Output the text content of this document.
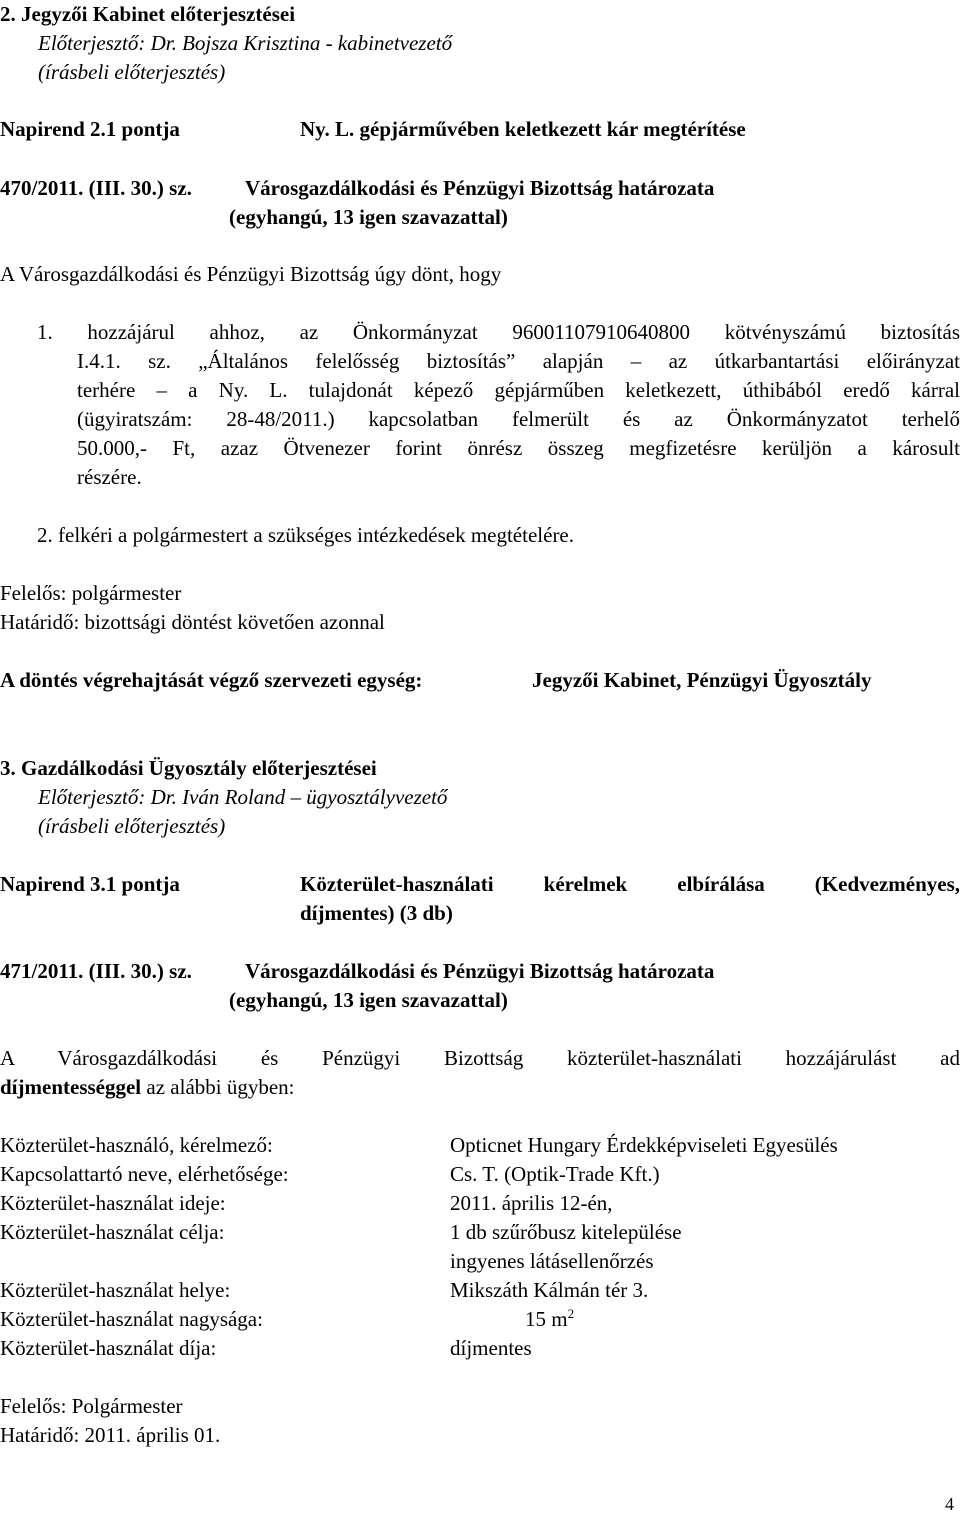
2. Jegyzői Kabinet előterjesztései
Előterjesztő: Dr. Bojsza Krisztina - kabinetvezető
(írásbeli előterjesztés)
Napirend 2.1 pontja	Ny. L. gépjárművében keletkezett kár megtérítése
470/2011. (III. 30.) sz.	Városgazdálkodási és Pénzügyi Bizottság határozata
(egyhangú, 13 igen szavazattal)
A Városgazdálkodási és Pénzügyi Bizottság úgy dönt, hogy
1. hozzájárul ahhoz, az Önkormányzat 96001107910640800 kötvényszámú biztosítás
I.4.1. sz. „Általános felelősség biztosítás” alapján – az útkarbantartási előirányzat
terhére – a Ny. L. tulajdonát képező gépjárműben keletkezett, úthibából eredő kárral
(ügyiratszám: 28-48/2011.) kapcsolatban felmerült és az Önkormányzatot terhelő
50.000,- Ft, azaz Ötvenezer forint önrész összeg megfizetésre kerüljön a károsult
részére.
2. felkéri a polgármestert a szükséges intézkedések megtételére.
Felelős: polgármester
Határidő: bizottsági döntést követően azonnal
A döntés végrehajtását végző szervezeti egység:	Jegyzői Kabinet, Pénzügyi Ügyosztály
3. Gazdálkodási Ügyosztály előterjesztései
Előterjesztő: Dr. Iván Roland – ügyosztályvezető
(írásbeli előterjesztés)
Napirend 3.1 pontja	Közterület-használati kérelmek elbírálása (Kedvezményes,
díjmentes) (3 db)
471/2011. (III. 30.) sz.	Városgazdálkodási és Pénzügyi Bizottság határozata
(egyhangú, 13 igen szavazattal)
A Városgazdálkodási és Pénzügyi Bizottság közterület-használati hozzájárulást ad
díjmentességgel az alábbi ügyben:
Közterület-használó, kérelmező:	Opticnet Hungary Érdekképviseleti Egyesülés
Kapcsolattartó neve, elérhetősége:	Cs. T. (Optik-Trade Kft.)
Közterület-használat ideje:	2011. április 12-én,
Közterület-használat célja:	1 db szűrőbusz kitelepülése
ingyenes látásellenőrzés
Közterület-használat helye:	Mikszáth Kálmán tér 3.
Közterület-használat nagysága:	15 $m^2$
Közterület-használat díja:	díjmentes
Felelős: Polgármester
Határidő: 2011. április 01.
4
